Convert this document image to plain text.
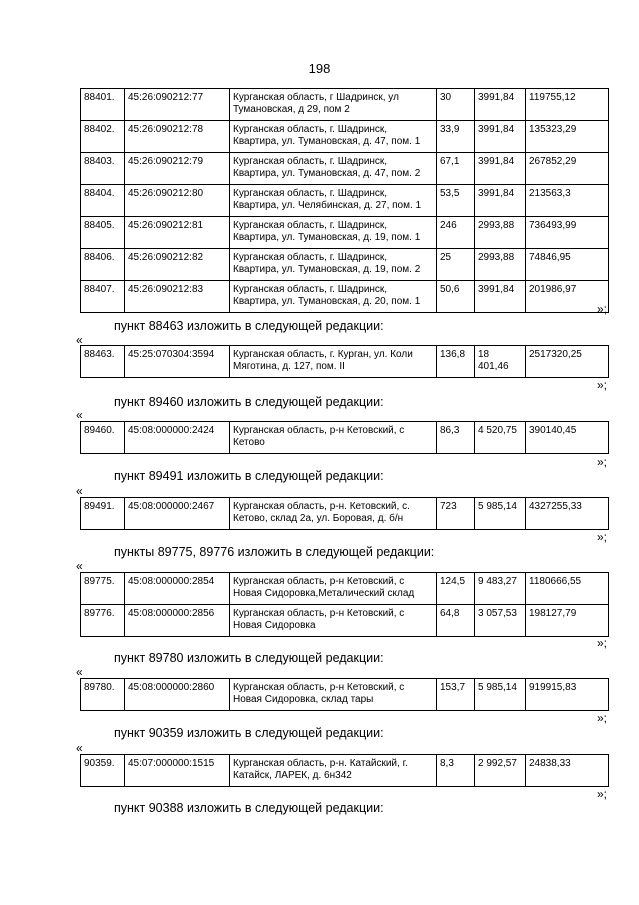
198
88401.	45:26:090212:77	Курганская область, г Шадринск, ул Тумановская, д 29, пом 2	30	3991,84	119755,12
88402.	45:26:090212:78	Курганская область, г. Шадринск, Квартира, ул. Тумановская, д. 47, пом. 1	33,9	3991,84	135323,29
88403.	45:26:090212:79	Курганская область, г. Шадринск, Квартира, ул. Тумановская, д. 47, пом. 2	67,1	3991,84	267852,29
88404.	45:26:090212:80	Курганская область, г. Шадринск, Квартира, ул. Челябинская, д. 27, пом. 1	53,5	3991,84	213563,3
88405.	45:26:090212:81	Курганская область, г. Шадринск, Квартира, ул. Тумановская, д. 19, пом. 1	246	2993,88	736493,99
88406.	45:26:090212:82	Курганская область, г. Шадринск, Квартира, ул. Тумановская, д. 19, пом. 2	25	2993,88	74846,95
88407.	45:26:090212:83	Курганская область, г. Шадринск, Квартира, ул. Тумановская, д. 20, пом. 1	50,6	3991,84	201986,97
»;
пункт 88463 изложить в следующей редакции:
«
88463.	45:25:070304:3594	Курганская область, г. Курган, ул. Коли Мяготина, д. 127, пом. II	136,8	18 401,46	2517320,25
»;
пункт 89460 изложить в следующей редакции:
«
89460.	45:08:000000:2424	Курганская область, р-н Кетовский, с Кетово	86,3	4 520,75	390140,45
»;
пункт 89491 изложить в следующей редакции:
«
89491.	45:08:000000:2467	Курганская область, р-н. Кетовский, с. Кетово, склад 2а, ул. Боровая, д. б/н	723	5 985,14	4327255,33
»;
пункты 89775, 89776 изложить в следующей редакции:
«
89775.	45:08:000000:2854	Курганская область, р-н Кетовский, с Новая Сидоровка,Металический склад	124,5	9 483,27	1180666,55
89776.	45:08:000000:2856	Курганская область, р-н Кетовский, с Новая Сидоровка	64,8	3 057,53	198127,79
»;
пункт 89780 изложить в следующей редакции:
«
89780.	45:08:000000:2860	Курганская область, р-н Кетовский, с Новая Сидоровка, склад тары	153,7	5 985,14	919915,83
»;
пункт 90359 изложить в следующей редакции:
«
90359.	45:07:000000:1515	Курганская область, р-н. Катайский, г. Катайск, ЛАРЕК, д. 6н342	8,3	2 992,57	24838,33
»;
пункт 90388 изложить в следующей редакции:
